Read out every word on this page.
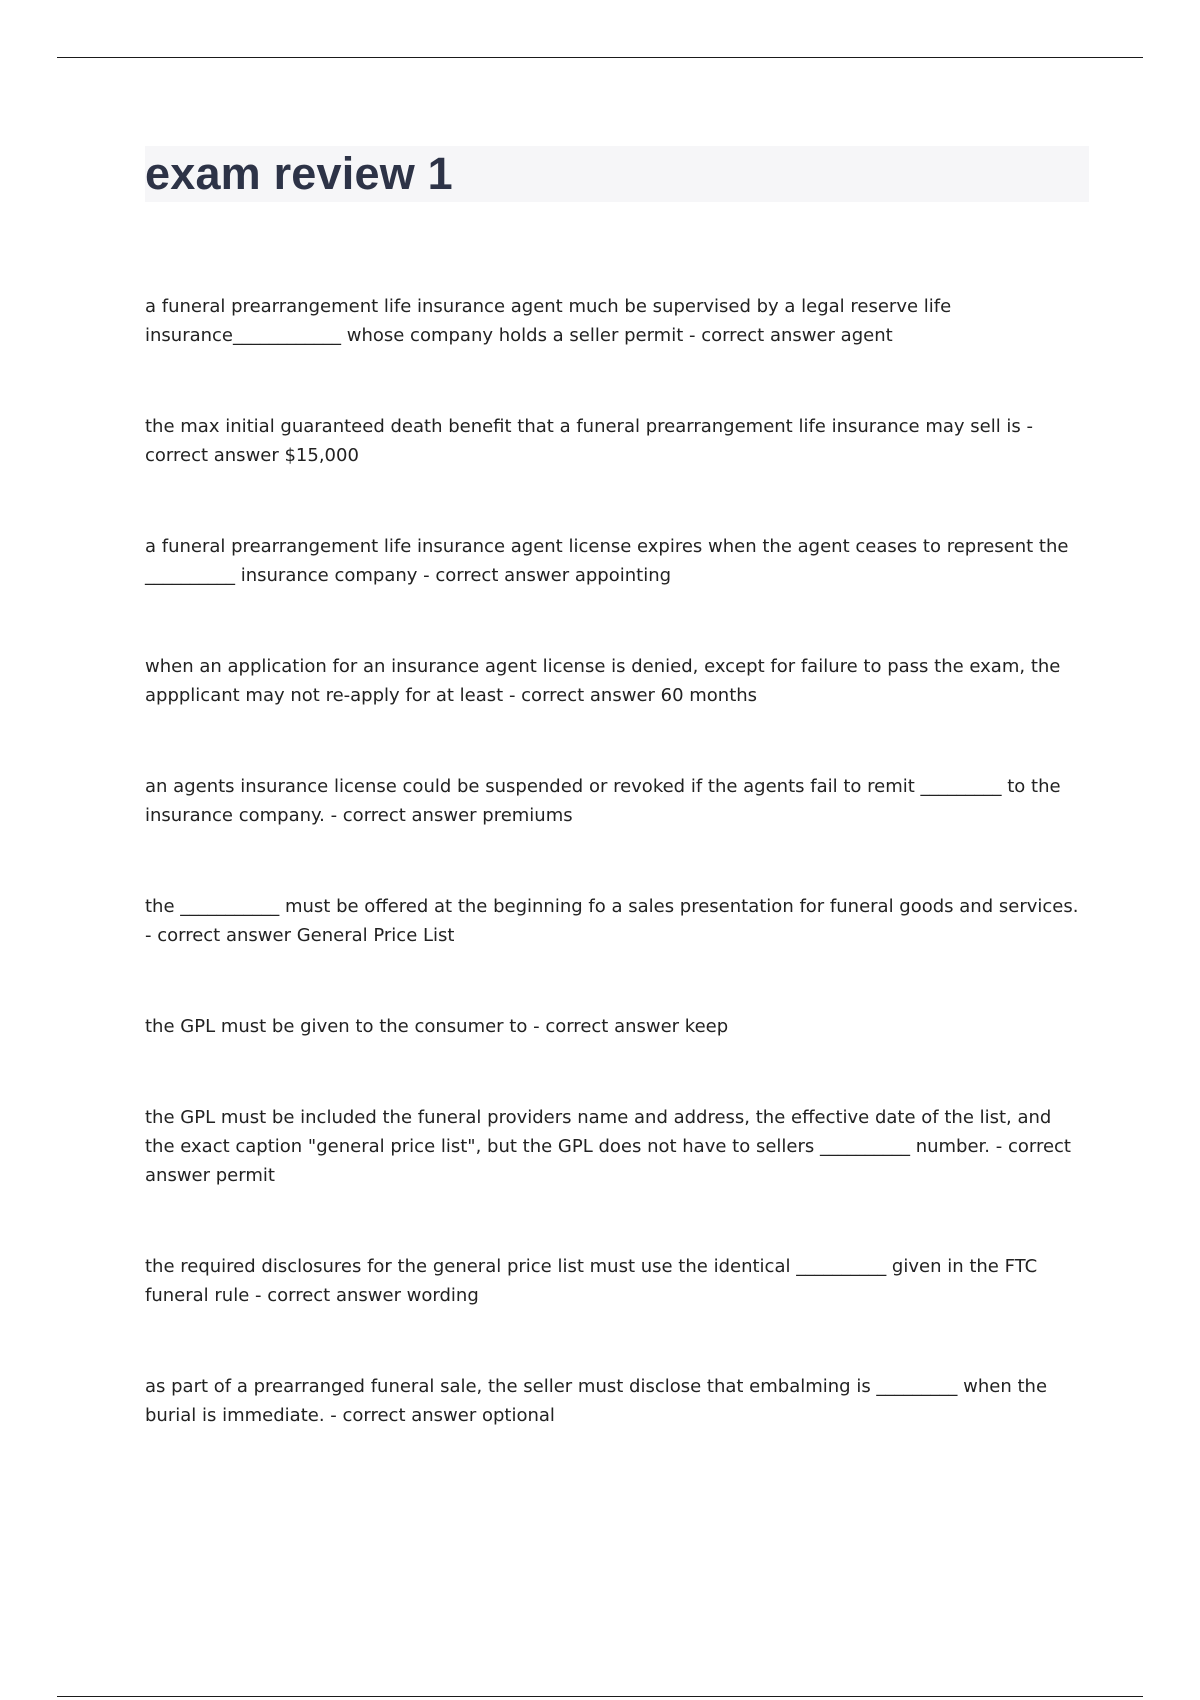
exam review 1
a funeral prearrangement life insurance agent much be supervised by a legal reserve life insurance____________ whose company holds a seller permit - correct answer agent
the max initial guaranteed death benefit that a funeral prearrangement life insurance may sell is - correct answer $15,000
a funeral prearrangement life insurance agent license expires when the agent ceases to represent the __________ insurance company - correct answer appointing
when an application for an insurance agent license is denied, except for failure to pass the exam, the appplicant may not re-apply for at least - correct answer 60 months
an agents insurance license could be suspended or revoked if the agents fail to remit _________ to the insurance company. - correct answer premiums
the ___________ must be offered at the beginning fo a sales presentation for funeral goods and services. - correct answer General Price List
the GPL must be given to the consumer to - correct answer keep
the GPL must be included the funeral providers name and address, the effective date of the list, and the exact caption "general price list", but the GPL does not have to sellers __________ number. - correct answer permit
the required disclosures for the general price list must use the identical __________ given in the FTC funeral rule - correct answer wording
as part of a prearranged funeral sale, the seller must disclose that embalming is _________ when the burial is immediate. - correct answer optional
